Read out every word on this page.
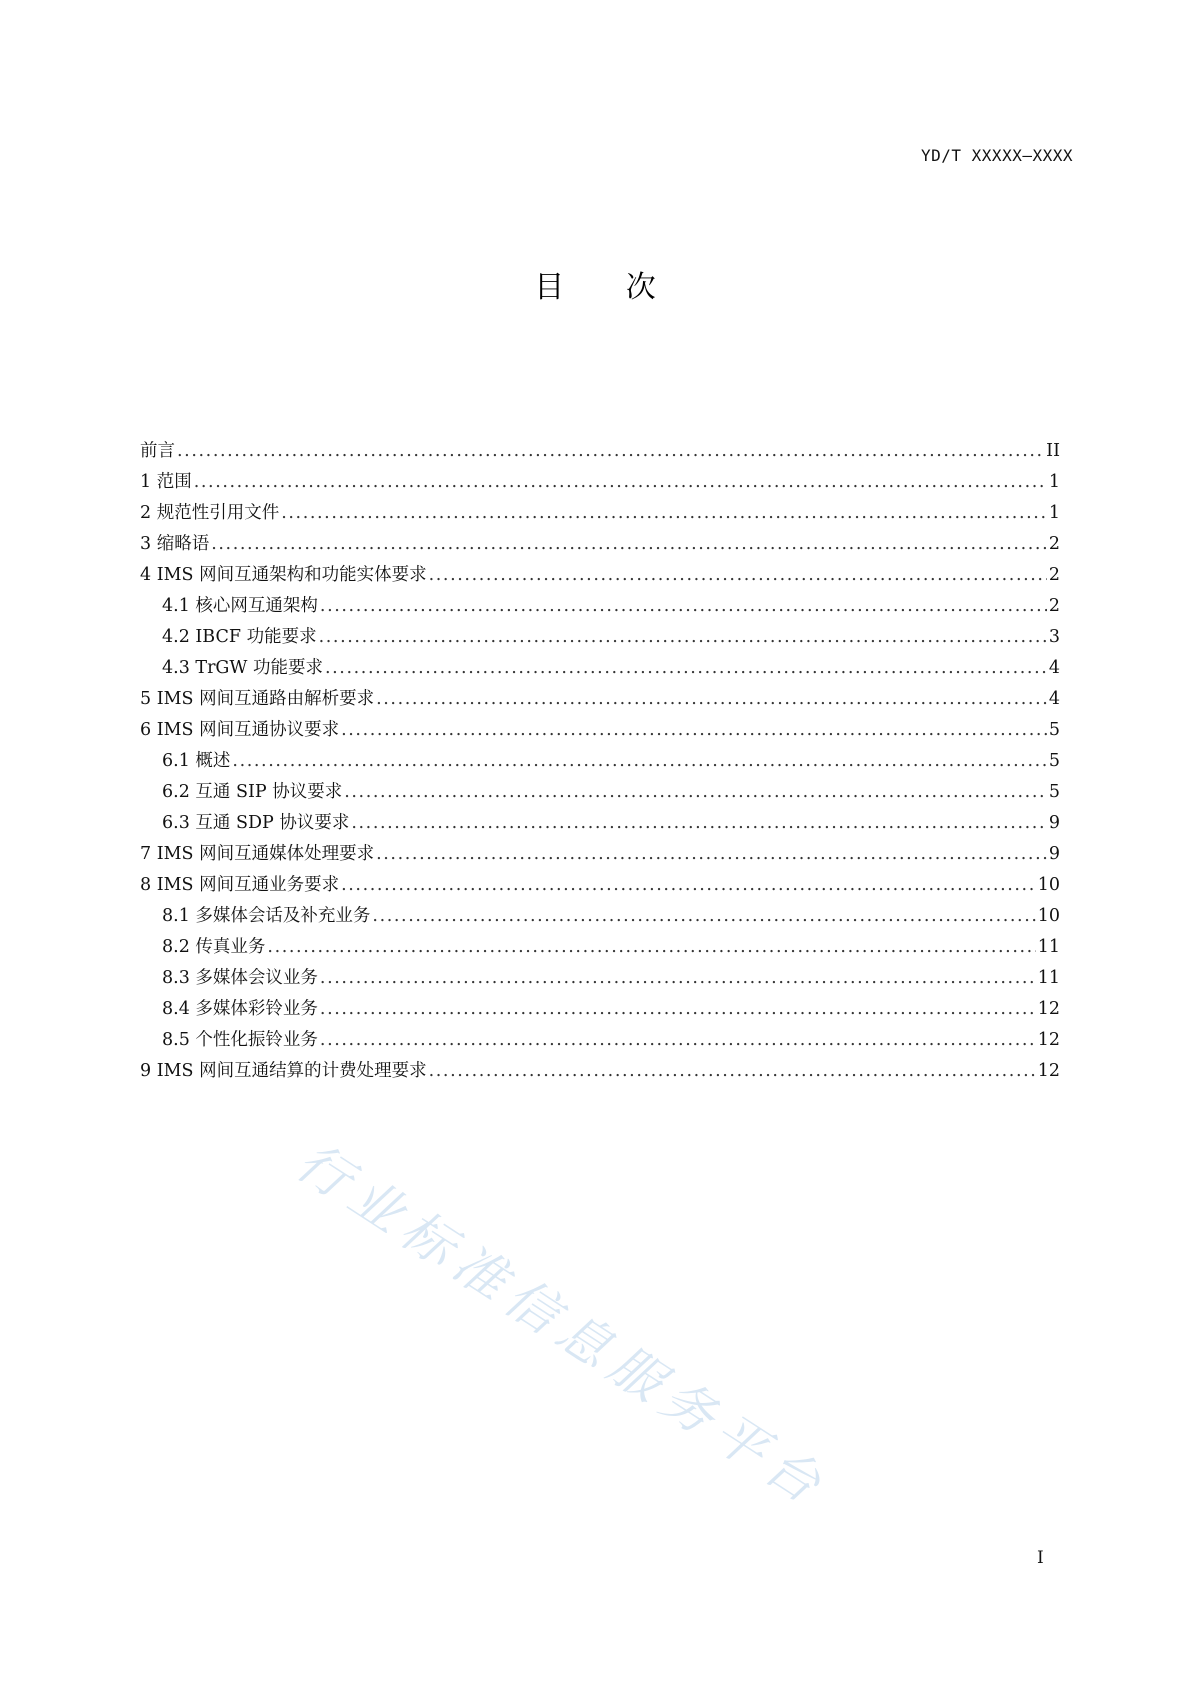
YD/T XXXXX—XXXX
目 次
前言 .....	II
1 范围 .....	1
2 规范性引用文件 .....	1
3 缩略语 .....	2
4 IMS 网间互通架构和功能实体要求 .....	2
4.1 核心网互通架构 .....	2
4.2 IBCF 功能要求 .....	3
4.3 TrGW 功能要求 .....	4
5 IMS 网间互通路由解析要求 .....	4
6 IMS 网间互通协议要求 .....	5
6.1 概述 .....	5
6.2 互通 SIP 协议要求 .....	5
6.3 互通 SDP 协议要求 .....	9
7 IMS 网间互通媒体处理要求 .....	9
8 IMS 网间互通业务要求 .....	10
8.1 多媒体会话及补充业务 .....	10
8.2 传真业务 .....	11
8.3 多媒体会议业务 .....	11
8.4 多媒体彩铃业务 .....	12
8.5 个性化振铃业务 .....	12
9 IMS 网间互通结算的计费处理要求 .....	12
行业标准信息服务平台
I
